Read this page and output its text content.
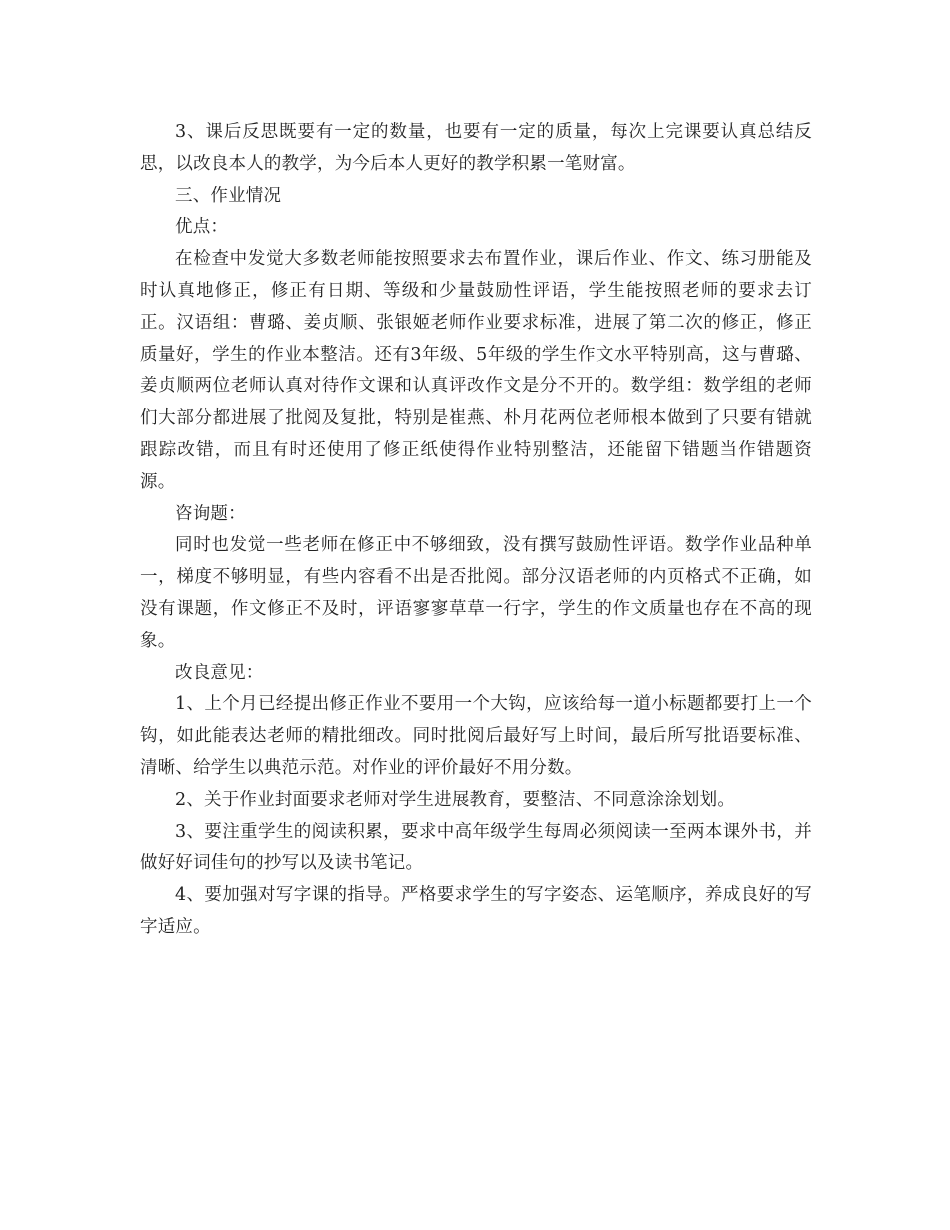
3、课后反思既要有一定的数量，也要有一定的质量，每次上完课要认真总结反思，以改良本人的教学，为今后本人更好的教学积累一笔财富。

三、作业情况

优点：

在检查中发觉大多数老师能按照要求去布置作业，课后作业、作文、练习册能及时认真地修正，修正有日期、等级和少量鼓励性评语，学生能按照老师的要求去订正。汉语组：曹璐、姜贞顺、张银姬老师作业要求标准，进展了第二次的修正，修正质量好，学生的作业本整洁。还有3年级、5年级的学生作文水平特别高，这与曹璐、姜贞顺两位老师认真对待作文课和认真评改作文是分不开的。数学组：数学组的老师们大部分都进展了批阅及复批，特别是崔燕、朴月花两位老师根本做到了只要有错就跟踪改错，而且有时还使用了修正纸使得作业特别整洁，还能留下错题当作错题资源。

咨询题：

同时也发觉一些老师在修正中不够细致，没有撰写鼓励性评语。数学作业品种单一，梯度不够明显，有些内容看不出是否批阅。部分汉语老师的内页格式不正确，如没有课题，作文修正不及时，评语寥寥草草一行字，学生的作文质量也存在不高的现象。

改良意见：

1、上个月已经提出修正作业不要用一个大钩，应该给每一道小标题都要打上一个钩，如此能表达老师的精批细改。同时批阅后最好写上时间，最后所写批语要标准、清晰、给学生以典范示范。对作业的评价最好不用分数。

2、关于作业封面要求老师对学生进展教育，要整洁、不同意涂涂划划。

3、要注重学生的阅读积累，要求中高年级学生每周必须阅读一至两本课外书，并做好好词佳句的抄写以及读书笔记。

4、要加强对写字课的指导。严格要求学生的写字姿态、运笔顺序，养成良好的写字适应。
